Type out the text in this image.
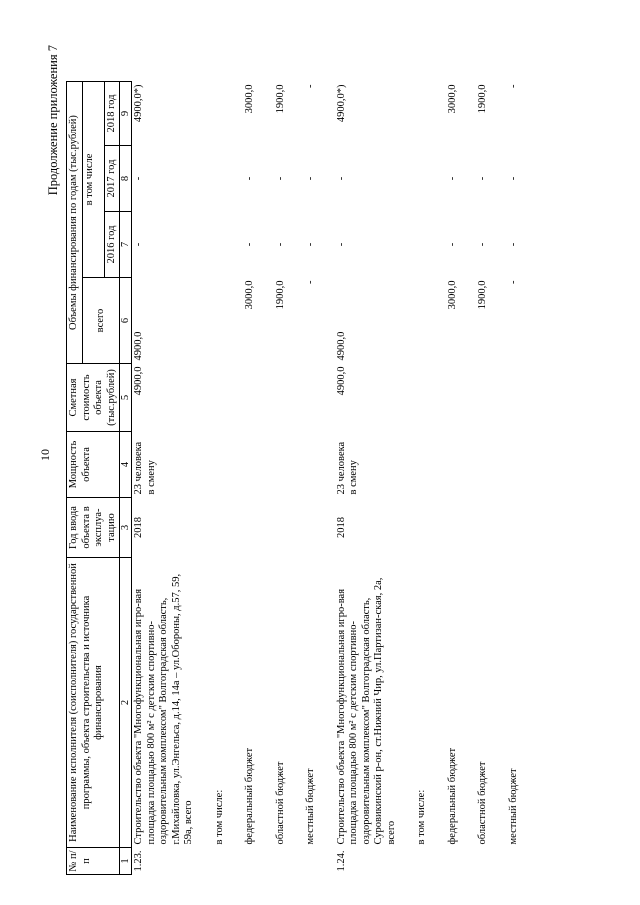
10
Продолжение приложения 7
№ п/п	Наименование исполнителя (соисполнителя) государственной программы, объекта строительства и источника финансирования	Год ввода объекта в эксплуа-тацию	Мощность объекта	Сметная стоимость объекта (тыс.рублей)	Объемы финансирования по годам (тыс.рублей)			
					всего	в том числе		
						2016 год	2017 год	2018 год
1	2	3	4	5	6	7	8	9
1.23.	Строительство объекта "Многофункциональная игро-вая площадка площадью 800 м² с детским спортивно-оздоровительным комплексом" Волгоградская область, г.Михайловка, ул.Энгельса, д.14, 14а – ул.Обороны, д.57, 59, 59а, всего	2018	23 человека в смену	4900,0	4900,0	-	-	4900,0*)

	в том числе:							

	федеральный бюджет				3000,0	-	-	3000,0

	областной бюджет				1900,0	-	-	1900,0

	местный бюджет				-	-	-	-

1.24.	Строительство объекта "Многофункциональная игро-вая площадка площадью 800 м² с детским спортивно-оздоровительным комплексом" Волгоградская область, Суровикинский р-он, ст.Нижний Чир, ул.Партизан-ская, 2а, всего	2018	23 человека в смену	4900,0	4900,0	-	-	4900,0*)

	в том числе:							

	федеральный бюджет				3000,0	-	-	3000,0

	областной бюджет				1900,0	-	-	1900,0

	местный бюджет				-	-	-	-
